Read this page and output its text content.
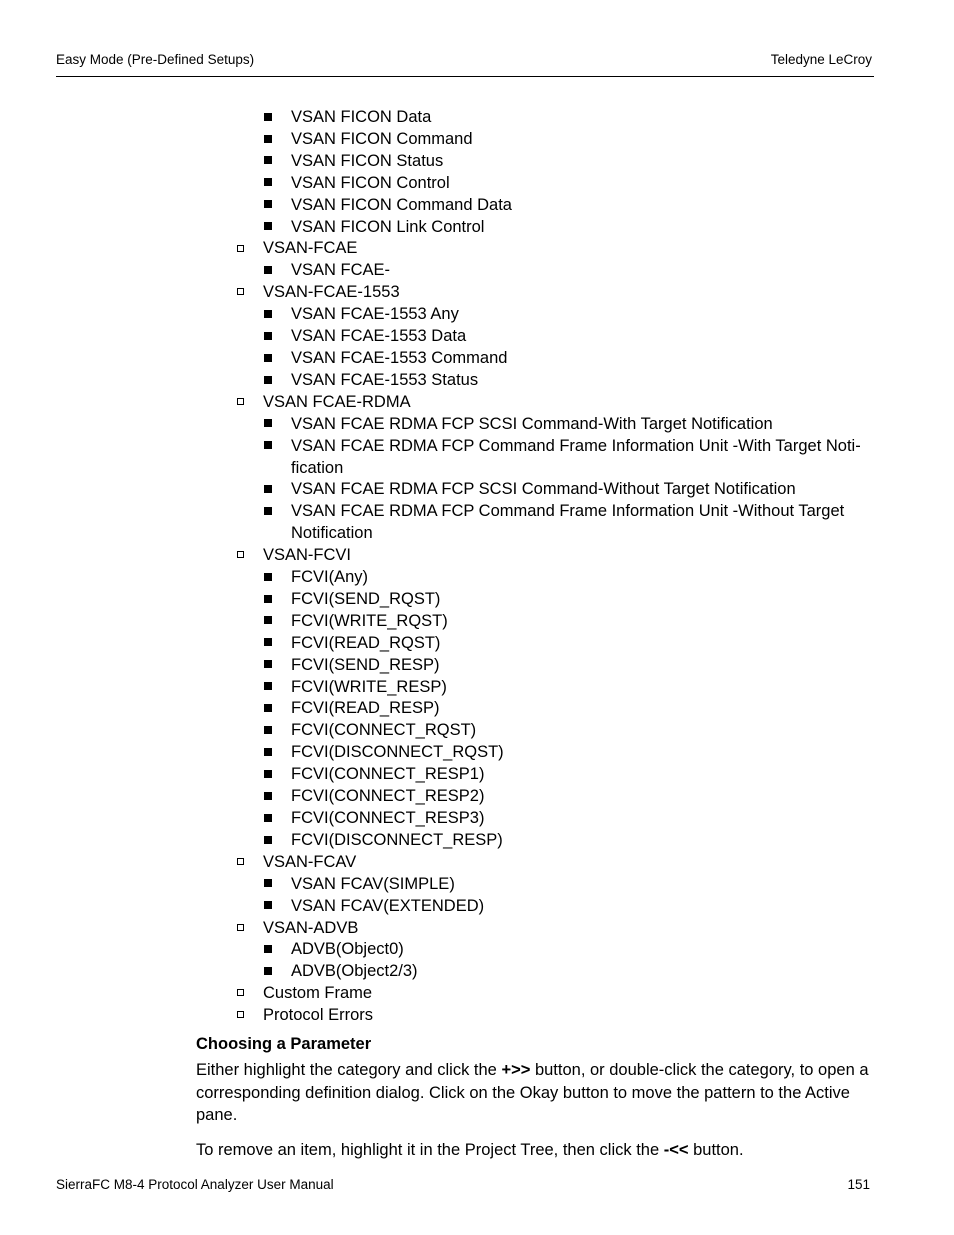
Easy Mode (Pre-Defined Setups)	Teledyne LeCroy
VSAN FICON Data
VSAN FICON Command
VSAN FICON Status
VSAN FICON Control
VSAN FICON Command Data
VSAN FICON Link Control
VSAN-FCAE
VSAN FCAE-
VSAN-FCAE-1553
VSAN FCAE-1553 Any
VSAN FCAE-1553 Data
VSAN FCAE-1553 Command
VSAN FCAE-1553 Status
VSAN FCAE-RDMA
VSAN FCAE RDMA FCP SCSI Command-With Target Notification
VSAN FCAE RDMA FCP Command Frame Information Unit -With Target Noti-fication
VSAN FCAE RDMA FCP SCSI Command-Without Target Notification
VSAN FCAE RDMA FCP Command Frame Information Unit -Without Target Notification
VSAN-FCVI
FCVI(Any)
FCVI(SEND_RQST)
FCVI(WRITE_RQST)
FCVI(READ_RQST)
FCVI(SEND_RESP)
FCVI(WRITE_RESP)
FCVI(READ_RESP)
FCVI(CONNECT_RQST)
FCVI(DISCONNECT_RQST)
FCVI(CONNECT_RESP1)
FCVI(CONNECT_RESP2)
FCVI(CONNECT_RESP3)
FCVI(DISCONNECT_RESP)
VSAN-FCAV
VSAN FCAV(SIMPLE)
VSAN FCAV(EXTENDED)
VSAN-ADVB
ADVB(Object0)
ADVB(Object2/3)
Custom Frame
Protocol Errors
Choosing a Parameter

Either highlight the category and click the +>> button, or double-click the category, to open a corresponding definition dialog. Click on the Okay button to move the pattern to the Active pane.

To remove an item, highlight it in the Project Tree, then click the -<< button.

SierraFC M8-4 Protocol Analyzer User Manual	151
